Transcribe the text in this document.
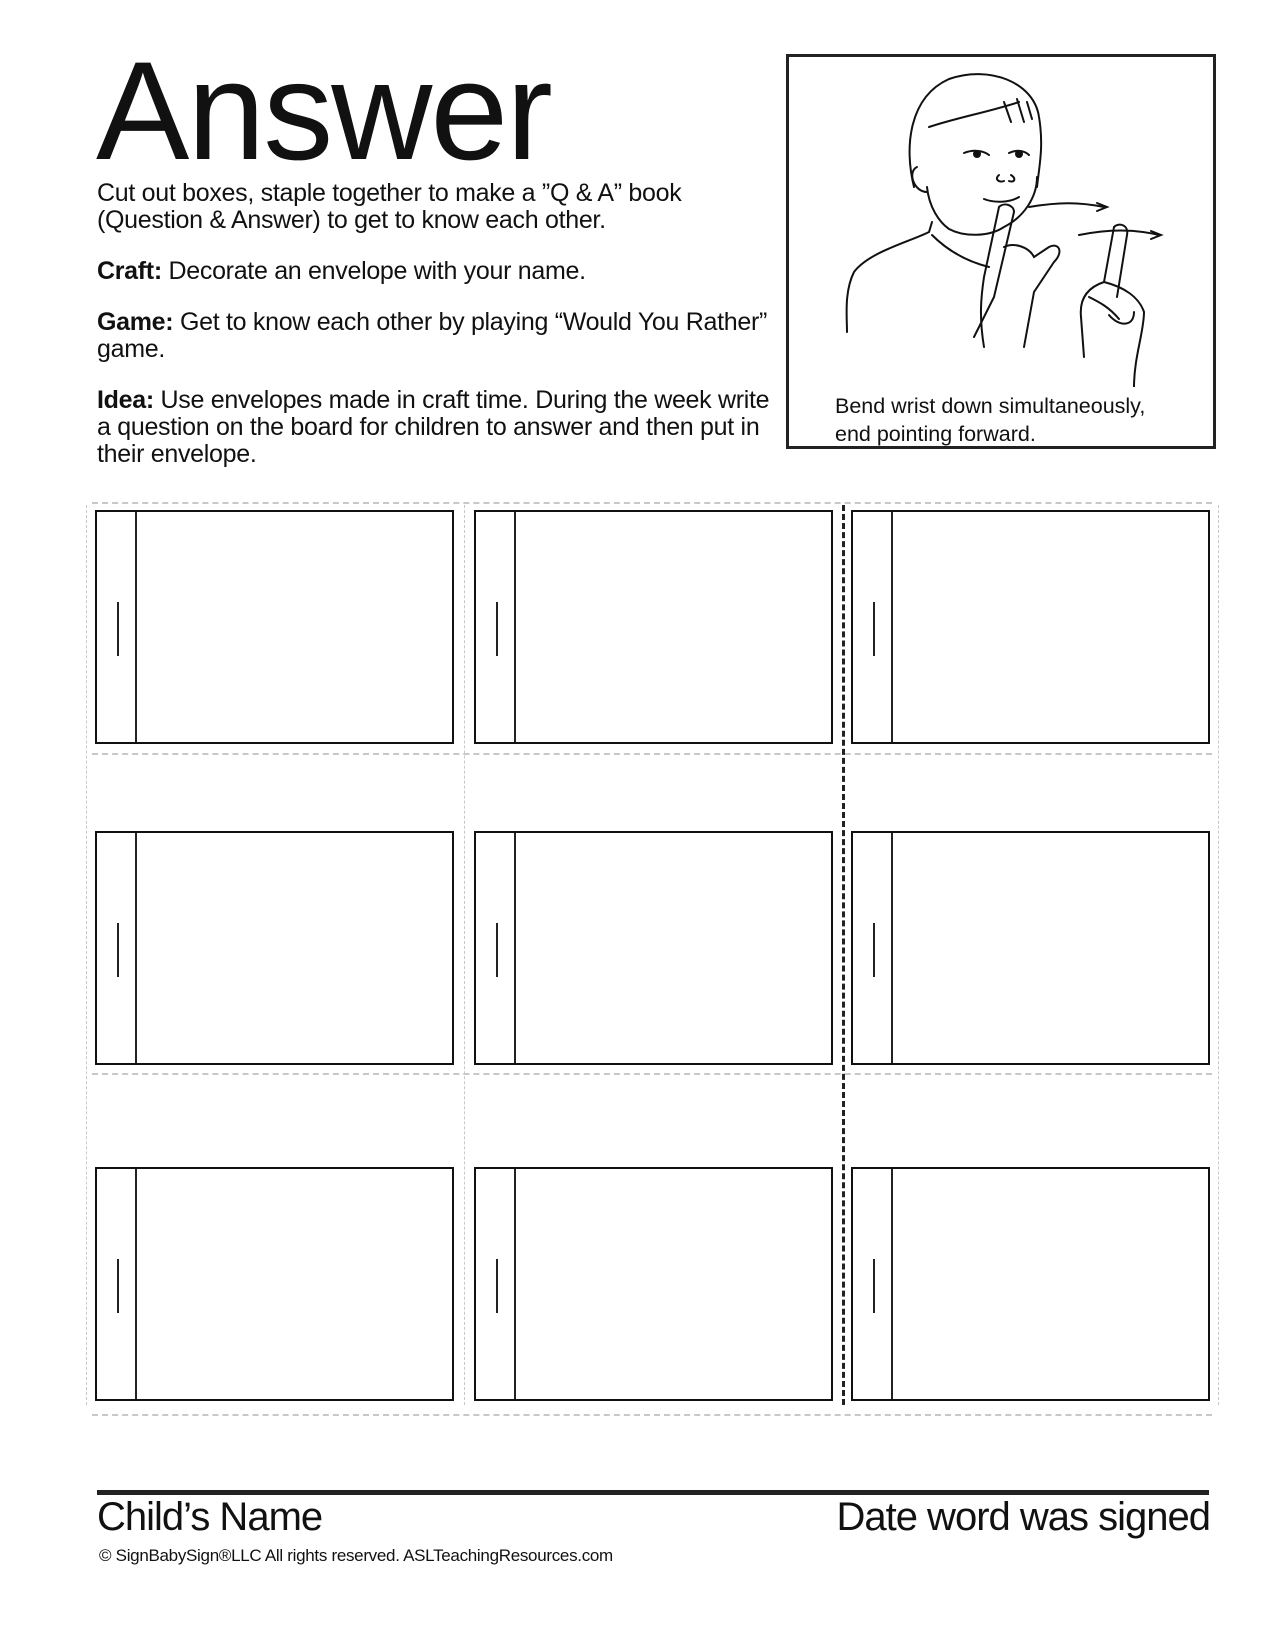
Answer

Cut out boxes, staple together to make a ”Q & A” book (Question & Answer) to get to know each other.

Craft: Decorate an envelope with your name.

Game: Get to know each other by playing “Would You Rather” game.

Idea: Use envelopes made in craft time. During the week write a question on the board for children to answer and then put in their envelope.

Bend wrist down simultaneously,
end pointing forward.
Child’s Name	Date word was signed
© SignBabySign®LLC All rights reserved. ASLTeachingResources.com
